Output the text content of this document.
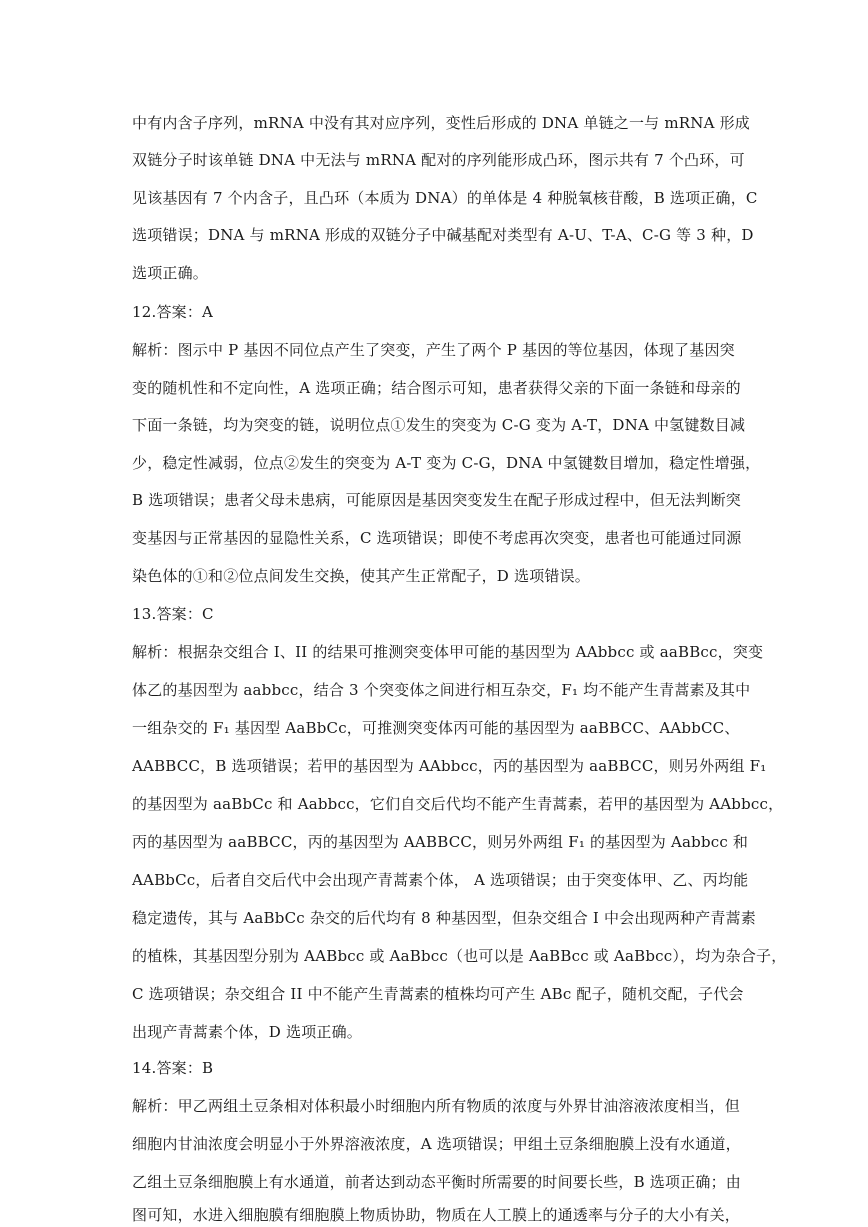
中有内含子序列，mRNA 中没有其对应序列，变性后形成的 DNA 单链之一与 mRNA 形成
双链分子时该单链 DNA 中无法与 mRNA 配对的序列能形成凸环，图示共有 7 个凸环，可
见该基因有 7 个内含子，且凸环（本质为 DNA）的单体是 4 种脱氧核苷酸，B 选项正确，C
选项错误；DNA 与 mRNA 形成的双链分子中碱基配对类型有 A-U、T-A、C-G 等 3 种，D
选项正确。
12.答案：A
解析：图示中 P 基因不同位点产生了突变，产生了两个 P 基因的等位基因，体现了基因突
变的随机性和不定向性，A 选项正确；结合图示可知，患者获得父亲的下面一条链和母亲的
下面一条链，均为突变的链，说明位点①发生的突变为 C-G 变为 A-T，DNA 中氢键数目减
少，稳定性减弱，位点②发生的突变为 A-T 变为 C-G，DNA 中氢键数目增加，稳定性增强，
B 选项错误；患者父母未患病，可能原因是基因突变发生在配子形成过程中，但无法判断突
变基因与正常基因的显隐性关系，C 选项错误；即使不考虑再次突变，患者也可能通过同源
染色体的①和②位点间发生交换，使其产生正常配子，D 选项错误。
13.答案：C
解析：根据杂交组合 I、II 的结果可推测突变体甲可能的基因型为 AAbbcc 或 aaBBcc，突变
体乙的基因型为 aabbcc，结合 3 个突变体之间进行相互杂交，F₁ 均不能产生青蒿素及其中
一组杂交的 F₁ 基因型 AaBbCc，可推测突变体丙可能的基因型为 aaBBCC、AAbbCC、
AABBCC，B 选项错误；若甲的基因型为 AAbbcc，丙的基因型为 aaBBCC，则另外两组 F₁
的基因型为 aaBbCc 和 Aabbcc，它们自交后代均不能产生青蒿素，若甲的基因型为 AAbbcc，
丙的基因型为 aaBBCC，丙的基因型为 AABBCC，则另外两组 F₁ 的基因型为 Aabbcc 和
AABbCc，后者自交后代中会出现产青蒿素个体， A 选项错误；由于突变体甲、乙、丙均能
稳定遗传，其与 AaBbCc 杂交的后代均有 8 种基因型，但杂交组合 I 中会出现两种产青蒿素
的植株，其基因型分别为 AABbcc 或 AaBbcc（也可以是 AaBBcc 或 AaBbcc），均为杂合子，
C 选项错误；杂交组合 II 中不能产生青蒿素的植株均可产生 ABc 配子，随机交配，子代会
出现产青蒿素个体，D 选项正确。
14.答案：B
解析：甲乙两组土豆条相对体积最小时细胞内所有物质的浓度与外界甘油溶液浓度相当，但
细胞内甘油浓度会明显小于外界溶液浓度，A 选项错误；甲组土豆条细胞膜上没有水通道，
乙组土豆条细胞膜上有水通道，前者达到动态平衡时所需要的时间要长些，B 选项正确；由
图可知，水进入细胞膜有细胞膜上物质协助，物质在人工膜上的通透率与分子的大小有关，
